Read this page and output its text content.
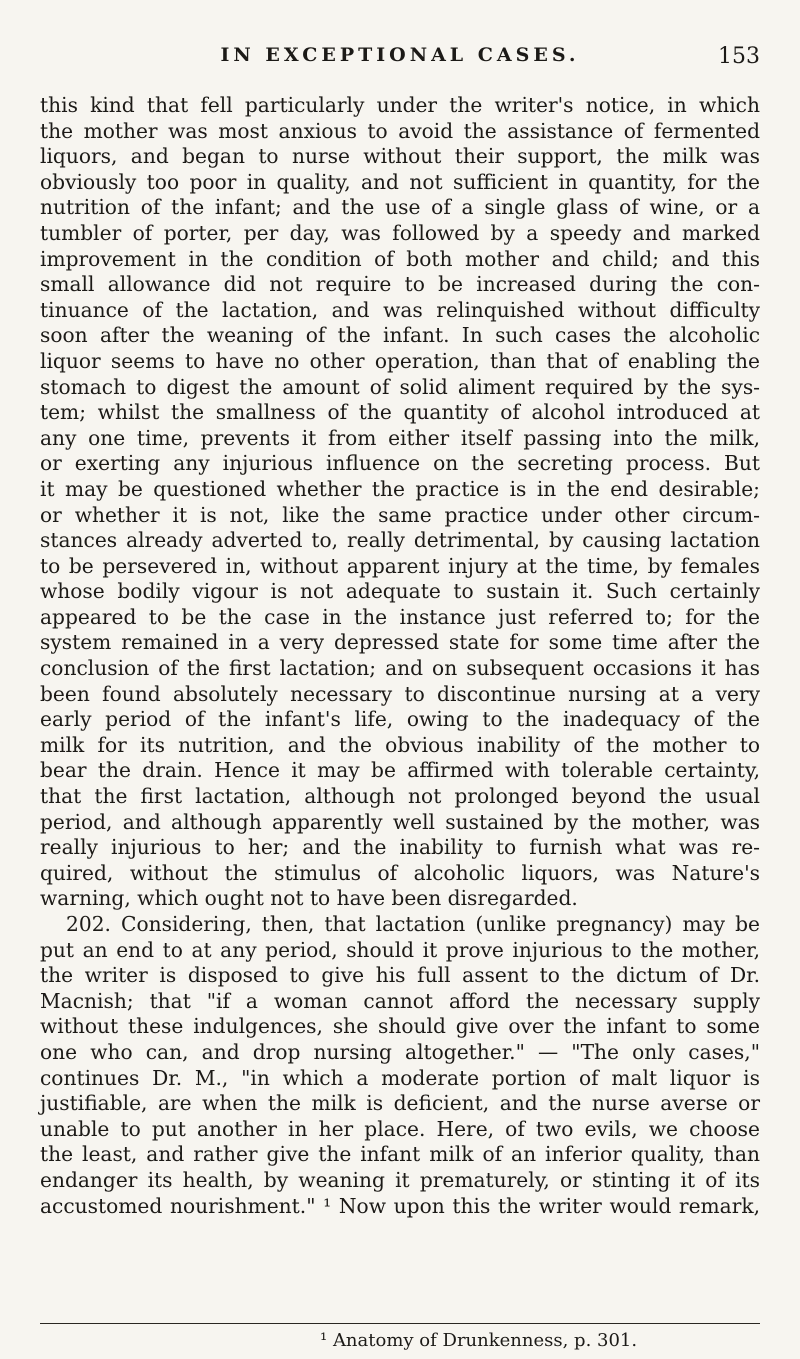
IN EXCEPTIONAL CASES.	153
this kind that fell particularly under the writer's notice, in which
the mother was most anxious to avoid the assistance of fermented
liquors, and began to nurse without their support, the milk was
obviously too poor in quality, and not sufficient in quantity, for the
nutrition of the infant; and the use of a single glass of wine, or a
tumbler of porter, per day, was followed by a speedy and marked
improvement in the condition of both mother and child; and this
small allowance did not require to be increased during the con-
tinuance of the lactation, and was relinquished without difficulty
soon after the weaning of the infant. In such cases the alcoholic
liquor seems to have no other operation, than that of enabling the
stomach to digest the amount of solid aliment required by the sys-
tem; whilst the smallness of the quantity of alcohol introduced at
any one time, prevents it from either itself passing into the milk,
or exerting any injurious influence on the secreting process. But
it may be questioned whether the practice is in the end desirable;
or whether it is not, like the same practice under other circum-
stances already adverted to, really detrimental, by causing lactation
to be persevered in, without apparent injury at the time, by females
whose bodily vigour is not adequate to sustain it. Such certainly
appeared to be the case in the instance just referred to; for the
system remained in a very depressed state for some time after the
conclusion of the first lactation; and on subsequent occasions it has
been found absolutely necessary to discontinue nursing at a very
early period of the infant's life, owing to the inadequacy of the
milk for its nutrition, and the obvious inability of the mother to
bear the drain. Hence it may be affirmed with tolerable certainty,
that the first lactation, although not prolonged beyond the usual
period, and although apparently well sustained by the mother, was
really injurious to her; and the inability to furnish what was re-
quired, without the stimulus of alcoholic liquors, was Nature's
warning, which ought not to have been disregarded.
202. Considering, then, that lactation (unlike pregnancy) may be
put an end to at any period, should it prove injurious to the mother,
the writer is disposed to give his full assent to the dictum of Dr.
Macnish; that "if a woman cannot afford the necessary supply
without these indulgences, she should give over the infant to some
one who can, and drop nursing altogether." — "The only cases,"
continues Dr. M., "in which a moderate portion of malt liquor is
justifiable, are when the milk is deficient, and the nurse averse or
unable to put another in her place. Here, of two evils, we choose
the least, and rather give the infant milk of an inferior quality, than
endanger its health, by weaning it prematurely, or stinting it of its
accustomed nourishment." ¹ Now upon this the writer would remark,
¹ Anatomy of Drunkenness, p. 301.
